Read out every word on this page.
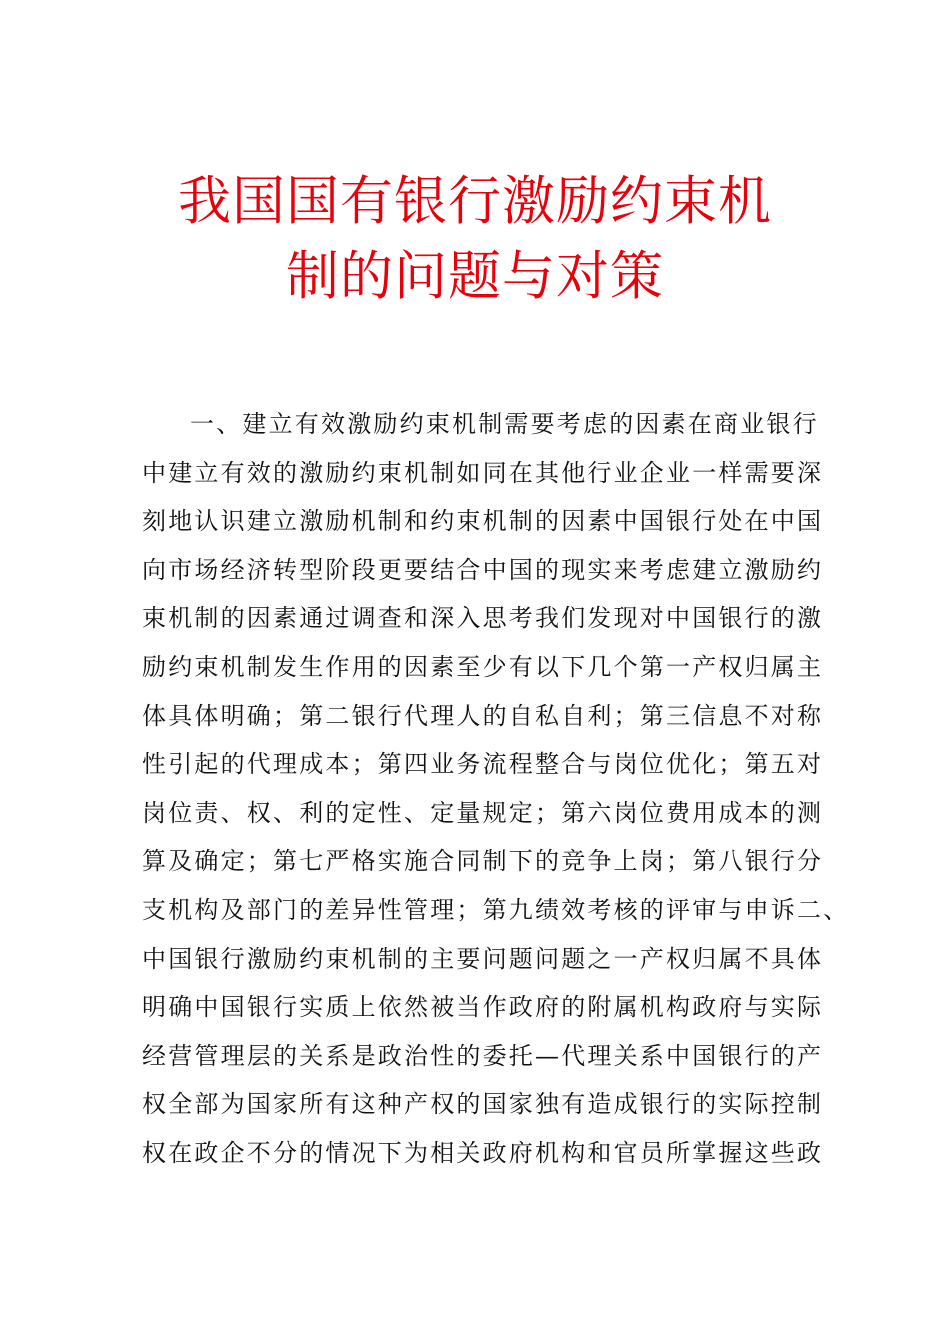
我国国有银行激励约束机
制的问题与对策
一、建立有效激励约束机制需要考虑的因素在商业银行
中建立有效的激励约束机制如同在其他行业企业一样需要深
刻地认识建立激励机制和约束机制的因素中国银行处在中国
向市场经济转型阶段更要结合中国的现实来考虑建立激励约
束机制的因素通过调查和深入思考我们发现对中国银行的激
励约束机制发生作用的因素至少有以下几个第一产权归属主
体具体明确；第二银行代理人的自私自利；第三信息不对称
性引起的代理成本；第四业务流程整合与岗位优化；第五对
岗位责、权、利的定性、定量规定；第六岗位费用成本的测
算及确定；第七严格实施合同制下的竞争上岗；第八银行分
支机构及部门的差异性管理；第九绩效考核的评审与申诉二、
中国银行激励约束机制的主要问题问题之一产权归属不具体
明确中国银行实质上依然被当作政府的附属机构政府与实际
经营管理层的关系是政治性的委托—代理关系中国银行的产
权全部为国家所有这种产权的国家独有造成银行的实际控制
权在政企不分的情况下为相关政府机构和官员所掌握这些政
